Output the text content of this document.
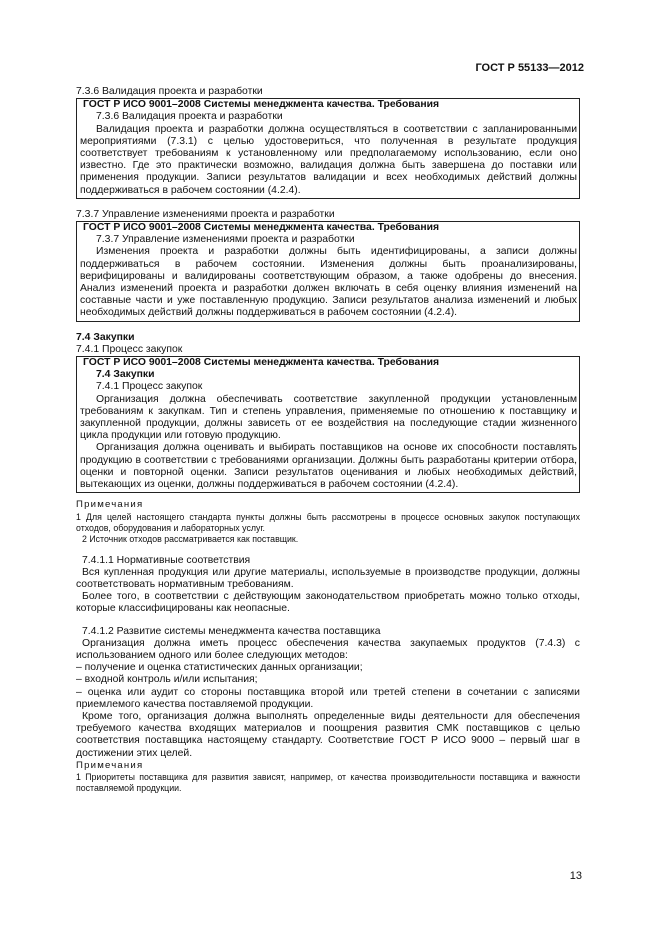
ГОСТ Р 55133—2012

7.3.6 Валидация проекта и разработки

ГОСТ Р ИСО 9001–2008 Системы менеджмента качества. Требования

7.3.6 Валидация проекта и разработки

Валидация проекта и разработки должна осуществляться в соответствии с запланированными мероприятиями (7.3.1) с целью удостовериться, что полученная в результате продукция соответствует требованиям к установленному или предполагаемому использованию, если оно известно. Где это практически возможно, валидация должна быть завершена до поставки или применения продукции. Записи результатов валидации и всех необходимых действий должны поддерживаться в рабочем состоянии (4.2.4).

7.3.7 Управление изменениями проекта и разработки

ГОСТ Р ИСО 9001–2008 Системы менеджмента качества. Требования

7.3.7 Управление изменениями проекта и разработки

Изменения проекта и разработки должны быть идентифицированы, а записи должны поддерживаться в рабочем состоянии. Изменения должны быть проанализированы, верифицированы и валидированы соответствующим образом, а также одобрены до внесения. Анализ изменений проекта и разработки должен включать в себя оценку влияния изменений на составные части и уже поставленную продукцию. Записи результатов анализа изменений и любых необходимых действий должны поддерживаться в рабочем состоянии (4.2.4).

7.4 Закупки

7.4.1 Процесс закупок

ГОСТ Р ИСО 9001–2008 Системы менеджмента качества. Требования

7.4 Закупки

7.4.1 Процесс закупок

Организация должна обеспечивать соответствие закупленной продукции установленным требованиям к закупкам. Тип и степень управления, применяемые по отношению к поставщику и закупленной продукции, должны зависеть от ее воздействия на последующие стадии жизненного цикла продукции или готовую продукцию.

Организация должна оценивать и выбирать поставщиков на основе их способности поставлять продукцию в соответствии с требованиями организации. Должны быть разработаны критерии отбора, оценки и повторной оценки. Записи результатов оценивания и любых необходимых действий, вытекающих из оценки, должны поддерживаться в рабочем состоянии (4.2.4).

Примечания

1 Для целей настоящего стандарта пункты должны быть рассмотрены в процессе основных закупок поступающих отходов, оборудования и лабораторных услуг.

2 Источник отходов рассматривается как поставщик.

7.4.1.1 Нормативные соответствия

Вся купленная продукция или другие материалы, используемые в производстве продукции, должны соответствовать нормативным требованиям.

Более того, в соответствии с действующим законодательством приобретать можно только отходы, которые классифицированы как неопасные.

7.4.1.2 Развитие системы менеджмента качества поставщика

Организация должна иметь процесс обеспечения качества закупаемых продуктов (7.4.3) с использованием одного или более следующих методов:

– получение и оценка статистических данных организации;

– входной контроль и/или испытания;

– оценка или аудит со стороны поставщика второй или третей степени в сочетании с записями приемлемого качества поставляемой продукции.

Кроме того, организация должна выполнять определенные виды деятельности для обеспечения требуемого качества входящих материалов и поощрения развития СМК поставщиков с целью соответствия поставщика настоящему стандарту. Соответствие ГОСТ Р ИСО 9000 – первый шаг в достижении этих целей.

Примечания

1 Приоритеты поставщика для развития зависят, например, от качества производительности поставщика и важности поставляемой продукции.

13
